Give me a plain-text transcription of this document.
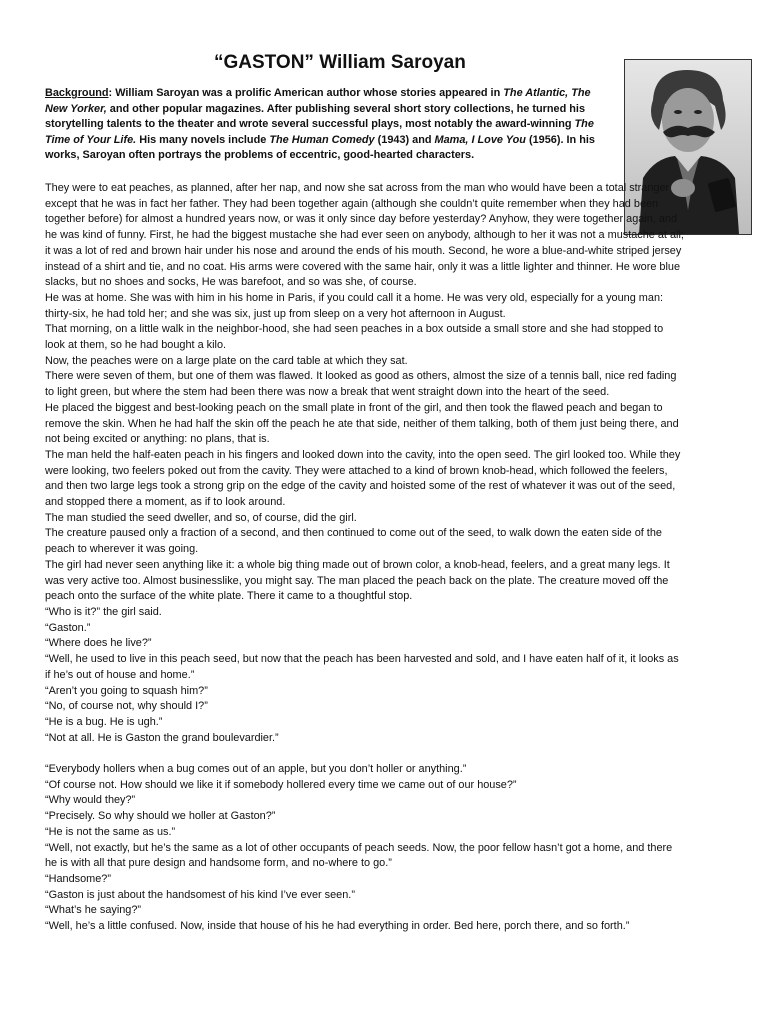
“GASTON” William Saroyan
Background: William Saroyan was a prolific American author whose stories appeared in The Atlantic, The New Yorker, and other popular magazines. After publishing several short story collections, he turned his storytelling talents to the theater and wrote several successful plays, most notably the award-winning The Time of Your Life. His many novels include The Human Comedy (1943) and Mama, I Love You (1956). In his works, Saroyan often portrays the problems of eccentric, good-hearted characters.

They were to eat peaches, as planned, after her nap, and now she sat across from the man who would have been a total stranger except that he was in fact her father. They had been together again (although she couldn’t quite remember when they had been together before) for almost a hundred years now, or was it only since day before yesterday? Anyhow, they were together again, and he was kind of funny. First, he had the biggest mustache she had ever seen on anybody, although to her it was not a mustache at all; it was a lot of red and brown hair under his nose and around the ends of his mouth. Second, he wore a blue-and-white striped jersey instead of a shirt and tie, and no coat. His arms were covered with the same hair, only it was a little lighter and thinner. He wore blue slacks, but no shoes and socks, He was barefoot, and so was she, of course.

He was at home. She was with him in his home in Paris, if you could call it a home. He was very old, especially for a young man: thirty-six, he had told her; and she was six, just up from sleep on a very hot afternoon in August.

That morning, on a little walk in the neighbor-hood, she had seen peaches in a box outside a small store and she had stopped to look at them, so he had bought a kilo.

Now, the peaches were on a large plate on the card table at which they sat.

There were seven of them, but one of them was flawed. It looked as good as others, almost the size of a tennis ball, nice red fading to light green, but where the stem had been there was now a break that went straight down into the heart of the seed.

He placed the biggest and best-looking peach on the small plate in front of the girl, and then took the flawed peach and began to remove the skin. When he had half the skin off the peach he ate that side, neither of them talking, both of them just being there, and not being excited or anything: no plans, that is.

The man held the half-eaten peach in his fingers and looked down into the cavity, into the open seed. The girl looked too. While they were looking, two feelers poked out from the cavity. They were attached to a kind of brown knob-head, which followed the feelers, and then two large legs took a strong grip on the edge of the cavity and hoisted some of the rest of whatever it was out of the seed, and stopped there a moment, as if to look around.

The man studied the seed dweller, and so, of course, did the girl.

The creature paused only a fraction of a second, and then continued to come out of the seed, to walk down the eaten side of the peach to wherever it was going.

The girl had never seen anything like it: a whole big thing made out of brown color, a knob-head, feelers, and a great many legs. It was very active too. Almost businesslike, you might say. The man placed the peach back on the plate. The creature moved off the peach onto the surface of the white plate. There it came to a thoughtful stop.

“Who is it?” the girl said.

“Gaston.”

“Where does he live?”

“Well, he used to live in this peach seed, but now that the peach has been harvested and sold, and I have eaten half of it, it looks as if he’s out of house and home.”

“Aren’t you going to squash him?”

“No, of course not, why should I?”

“He is a bug. He is ugh.”

“Not at all. He is Gaston the grand boulevardier.”

“Everybody hollers when a bug comes out of an apple, but you don’t holler or anything.”

“Of course not. How should we like it if somebody hollered every time we came out of our house?”

“Why would they?”

“Precisely. So why should we holler at Gaston?”

“He is not the same as us.”

“Well, not exactly, but he’s the same as a lot of other occupants of peach seeds. Now, the poor fellow hasn’t got a home, and there he is with all that pure design and handsome form, and no-where to go.”

“Handsome?”

“Gaston is just about the handsomest of his kind I’ve ever seen.”

“What’s he saying?”

“Well, he’s a little confused. Now, inside that house of his he had everything in order. Bed here, porch there, and so forth.”
